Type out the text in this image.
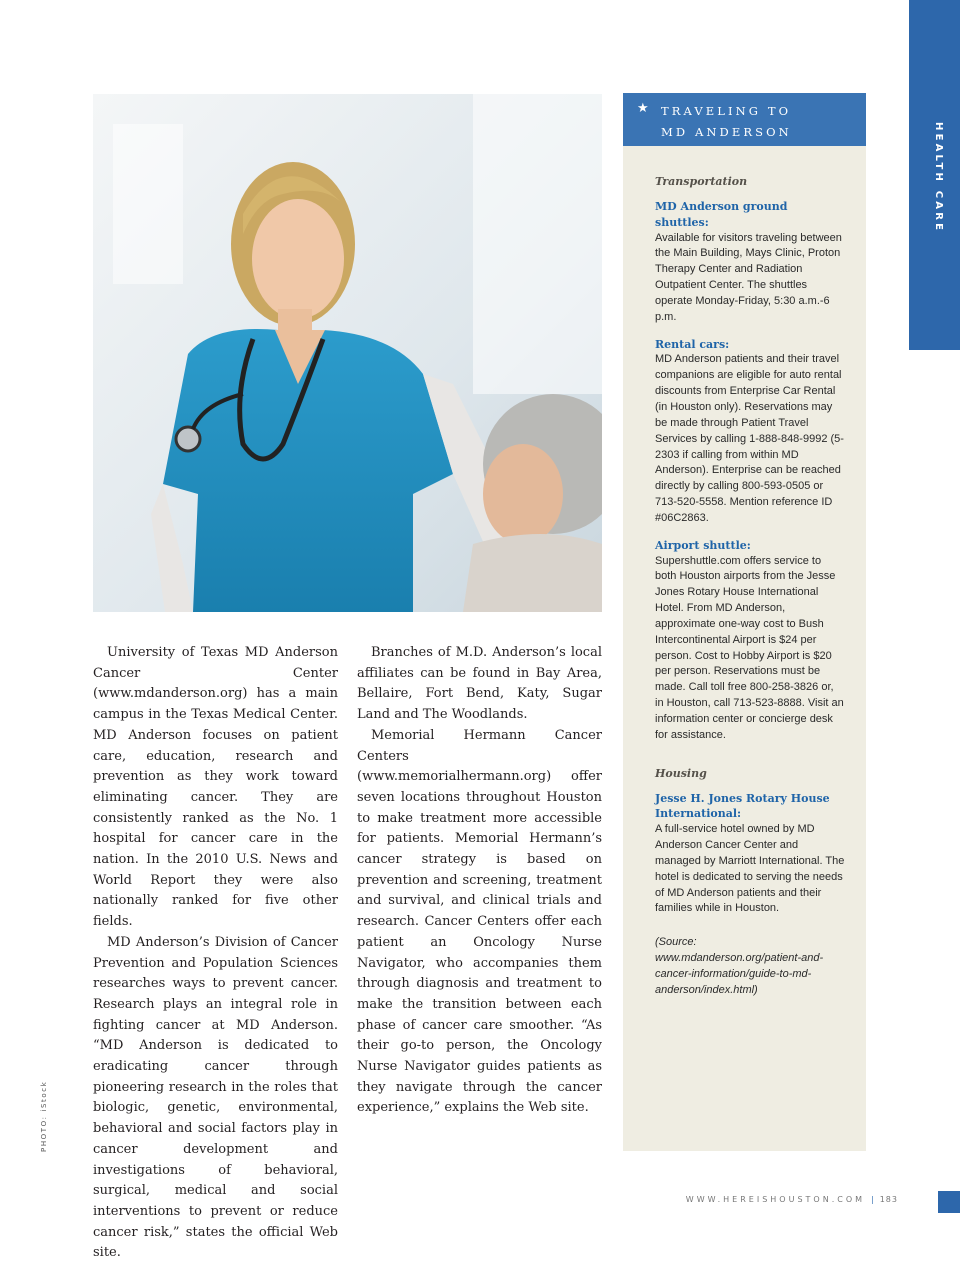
PHOTO: iStock

University of Texas MD Anderson Cancer Center (www.mdanderson.org) has a main campus in the Texas Medical Center. MD Anderson focuses on patient care, education, research and prevention as they work toward eliminating cancer. They are consistently ranked as the No. 1 hospital for cancer care in the nation. In the 2010 U.S. News and World Report they were also nationally ranked for five other fields.

MD Anderson’s Division of Cancer Prevention and Population Sciences researches ways to prevent cancer. Research plays an integral role in fighting cancer at MD Anderson. “MD Anderson is dedicated to eradicating cancer through pioneering research in the roles that biologic, genetic, environmental, behavioral and social factors play in cancer development and investigations of behavioral, surgical, medical and social interventions to prevent or reduce cancer risk,” states the official Web site.

Branches of M.D. Anderson’s local affiliates can be found in Bay Area, Bellaire, Fort Bend, Katy, Sugar Land and The Woodlands.

Memorial Hermann Cancer Centers (www.memorialhermann.org) offer seven locations throughout Houston to make treatment more accessible for patients. Memorial Hermann’s cancer strategy is based on prevention and screening, treatment and survival, and clinical trials and research. Cancer Centers offer each patient an Oncology Nurse Navigator, who accompanies them through diagnosis and treatment to make the transition between each phase of cancer care smoother. “As their go-to person, the Oncology Nurse Navigator guides patients as they navigate through the cancer experience,” explains the Web site.

★ TRAVELING TO
MD ANDERSON
Transportation

MD Anderson ground shuttles:

Available for visitors traveling between the Main Building, Mays Clinic, Proton Therapy Center and Radiation Outpatient Center. The shuttles operate Monday-Friday, 5:30 a.m.-6 p.m.

Rental cars:

MD Anderson patients and their travel companions are eligible for auto rental discounts from Enterprise Car Rental (in Houston only). Reservations may be made through Patient Travel Services by calling 1-888-848-9992 (5-2303 if calling from within MD Anderson). Enterprise can be reached directly by calling 800-593-0505 or 713-520-5558. Mention reference ID #06C2863.

Airport shuttle:

Supershuttle.com offers service to both Houston airports from the Jesse Jones Rotary House International Hotel. From MD Anderson, approximate one-way cost to Bush Intercontinental Airport is $24 per person. Cost to Hobby Airport is $20 per person. Reservations must be made. Call toll free 800-258-3826 or, in Houston, call 713-523-8888. Visit an information center or concierge desk for assistance.

Housing

Jesse H. Jones Rotary House International:

A full-service hotel owned by MD Anderson Cancer Center and managed by Marriott International. The hotel is dedicated to serving the needs of MD Anderson patients and their families while in Houston.

(Source: www.mdanderson.org/patient-and-cancer-information/guide-to-md-anderson/index.html)

HEALTH CARE
WWW.HEREISHOUSTON.COM | 183
